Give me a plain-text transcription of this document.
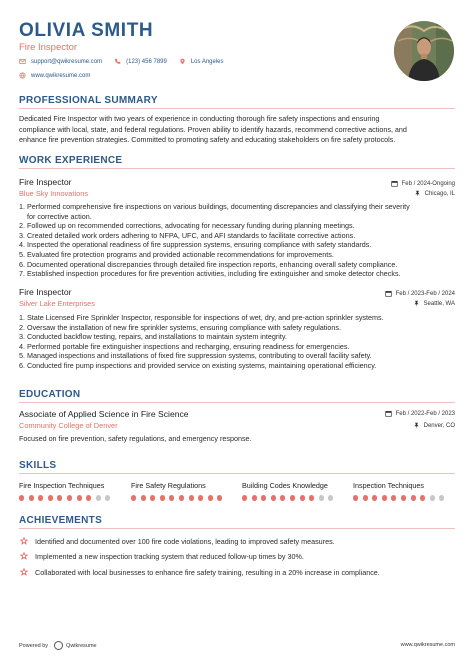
OLIVIA SMITH
Fire Inspector
support@qwikresume.com	(123) 456 7899	Los Angeles
www.qwikresume.com
PROFESSIONAL SUMMARY
Dedicated Fire Inspector with two years of experience in conducting thorough fire safety inspections and ensuring
compliance with local, state, and federal regulations. Proven ability to identify hazards, recommend corrective actions, and
enhance fire prevention strategies. Committed to promoting safety and educating stakeholders on fire safety protocols.
WORK EXPERIENCE
Fire Inspector
Blue Sky Innovations
Feb / 2024-Ongoing
Chicago, IL
1. Performed comprehensive fire inspections on various buildings, documenting discrepancies and classifying their severity
for corrective action.
2. Followed up on recommended corrections, advocating for necessary funding during planning meetings.
3. Created detailed work orders adhering to NFPA, UFC, and AFI standards to facilitate corrective actions.
4. Inspected the operational readiness of fire suppression systems, ensuring compliance with safety standards.
5. Evaluated fire protection programs and provided actionable recommendations for improvements.
6. Documented operational discrepancies through detailed fire inspection reports, enhancing overall safety compliance.
7. Established inspection procedures for fire prevention activities, including fire extinguisher and smoke detector checks.
Fire Inspector
Silver Lake Enterprises
Feb / 2023-Feb / 2024
Seattle, WA
1. State Licensed Fire Sprinkler Inspector, responsible for inspections of wet, dry, and pre-action sprinkler systems.
2. Oversaw the installation of new fire sprinkler systems, ensuring compliance with safety regulations.
3. Conducted backflow testing, repairs, and installations to maintain system integrity.
4. Performed portable fire extinguisher inspections and recharging, ensuring readiness for emergencies.
5. Managed inspections and installations of fixed fire suppression systems, contributing to overall facility safety.
6. Conducted fire pump inspections and provided service on existing systems, maintaining operational efficiency.
EDUCATION
Associate of Applied Science in Fire Science
Community College of Denver
Feb / 2022-Feb / 2023
Denver, CO
Focused on fire prevention, safety regulations, and emergency response.
SKILLS
Fire Inspection Techniques	Fire Safety Regulations	Building Codes Knowledge	Inspection Techniques
ACHIEVEMENTS
Identified and documented over 100 fire code violations, leading to improved safety measures.
Implemented a new inspection tracking system that reduced follow-up times by 30%.
Collaborated with local businesses to enhance fire safety training, resulting in a 20% increase in compliance.
Powered by	Qwikresume	www.qwikresume.com
